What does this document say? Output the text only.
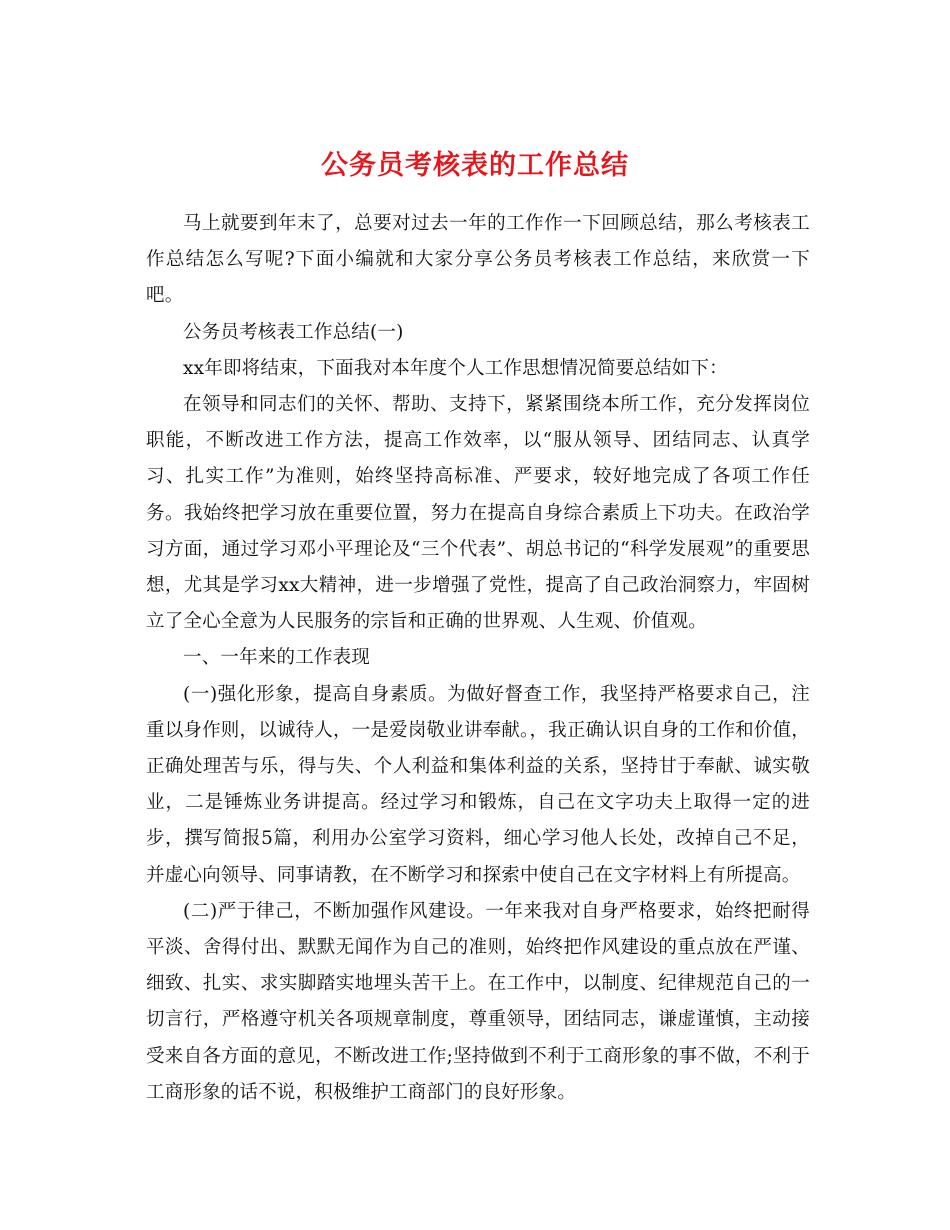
公务员考核表的工作总结

马上就要到年末了，总要对过去一年的工作作一下回顾总结，那么考核表工作总结怎么写呢?下面小编就和大家分享公务员考核表工作总结，来欣赏一下吧。

公务员考核表工作总结(一)

xx年即将结束，下面我对本年度个人工作思想情况简要总结如下：

在领导和同志们的关怀、帮助、支持下，紧紧围绕本所工作，充分发挥岗位职能，不断改进工作方法，提高工作效率，以“服从领导、团结同志、认真学习、扎实工作”为准则，始终坚持高标准、严要求，较好地完成了各项工作任务。我始终把学习放在重要位置，努力在提高自身综合素质上下功夫。在政治学习方面，通过学习邓小平理论及“三个代表”、胡总书记的“科学发展观”的重要思想，尤其是学习xx大精神，进一步增强了党性，提高了自己政治洞察力，牢固树立了全心全意为人民服务的宗旨和正确的世界观、人生观、价值观。

一、一年来的工作表现

(一)强化形象，提高自身素质。为做好督查工作，我坚持严格要求自己，注重以身作则，以诚待人，一是爱岗敬业讲奉献。，我正确认识自身的工作和价值，正确处理苦与乐，得与失、个人利益和集体利益的关系，坚持甘于奉献、诚实敬业，二是锤炼业务讲提高。经过学习和锻炼，自己在文字功夫上取得一定的进步，撰写简报5篇，利用办公室学习资料，细心学习他人长处，改掉自己不足，并虚心向领导、同事请教，在不断学习和探索中使自己在文字材料上有所提高。

(二)严于律己，不断加强作风建设。一年来我对自身严格要求，始终把耐得平淡、舍得付出、默默无闻作为自己的准则，始终把作风建设的重点放在严谨、细致、扎实、求实脚踏实地埋头苦干上。在工作中，以制度、纪律规范自己的一切言行，严格遵守机关各项规章制度，尊重领导，团结同志，谦虚谨慎，主动接受来自各方面的意见，不断改进工作;坚持做到不利于工商形象的事不做，不利于工商形象的话不说，积极维护工商部门的良好形象。
